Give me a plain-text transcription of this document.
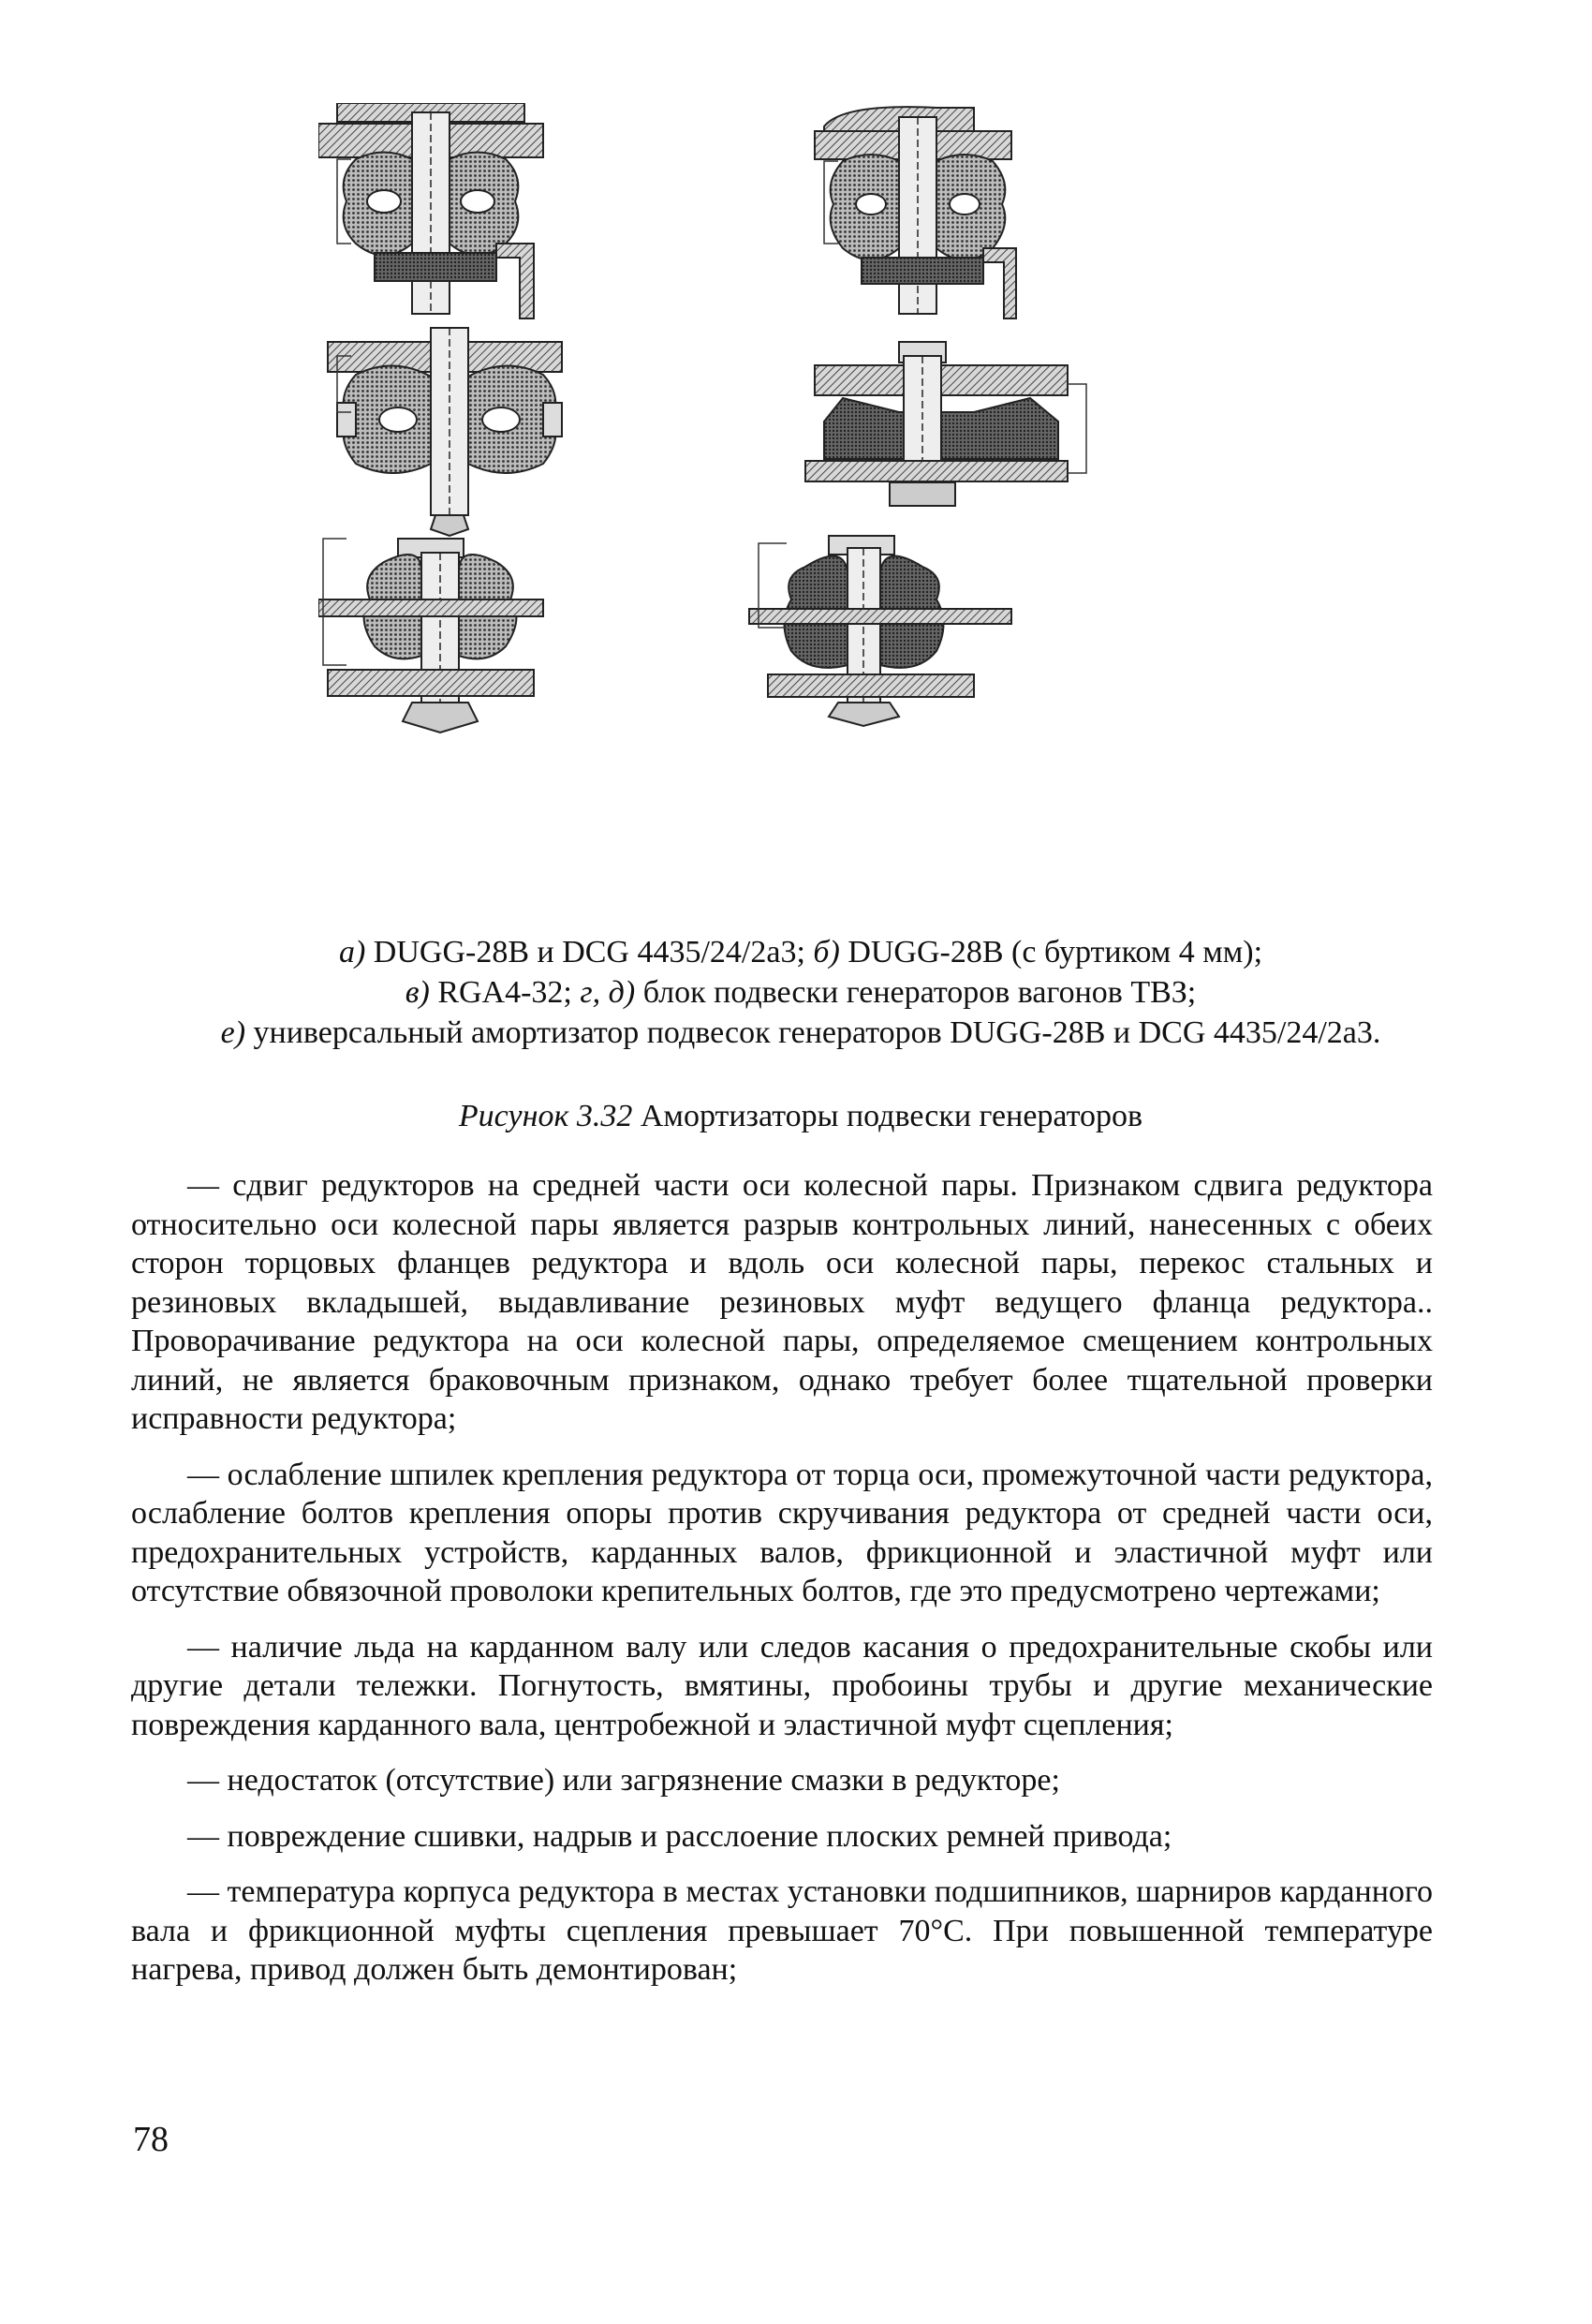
а) DUGG-28B и DCG 4435/24/2а3; б) DUGG-28B (с буртиком 4 мм);
в) RGA4-32; г, д) блок подвески генераторов вагонов ТВЗ;
е) универсальный амортизатор подвесок генераторов DUGG-28B и DCG 4435/24/2а3.
Рисунок 3.32 Амортизаторы подвески генераторов

— сдвиг редукторов на средней части оси колесной пары. Признаком сдвига редуктора относительно оси колесной пары является разрыв контрольных линий, нанесенных с обеих сторон торцовых фланцев редуктора и вдоль оси колесной пары, перекос стальных и резиновых вкладышей, выдавливание резиновых муфт ведущего фланца редуктора.. Проворачивание редуктора на оси колесной пары, определяемое смещением контрольных линий, не является браковочным признаком, однако требует более тщательной проверки исправности редуктора;

— ослабление шпилек крепления редуктора от торца оси, промежуточной части редуктора, ослабление болтов крепления опоры против скручивания редуктора от средней части оси, предохранительных устройств, карданных валов, фрикционной и эластичной муфт или отсутствие обвязочной проволоки крепительных болтов, где это предусмотрено чертежами;

— наличие льда на карданном валу или следов касания о предохранительные скобы или другие детали тележки. Погнутость, вмятины, пробоины трубы и другие механические повреждения карданного вала, центробежной и эластичной муфт сцепления;

— недостаток (отсутствие) или загрязнение смазки в редукторе;

— повреждение сшивки, надрыв и расслоение плоских ремней привода;

— температура корпуса редуктора в местах установки подшипников, шарниров карданного вала и фрикционной муфты сцепления превышает 70°С. При повышенной температуре нагрева, привод должен быть демонтирован;

78
